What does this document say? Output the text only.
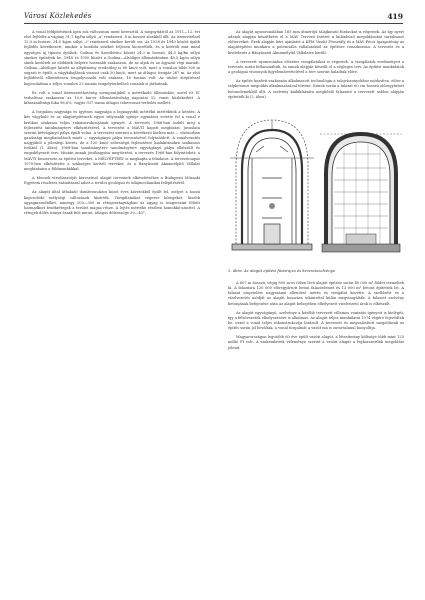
Városi Közlekedés	419

A vonal feldpítésének igen sok változáson ment keresztül. A megnyitástól az 1911—12. évi első fejlődés a vágány 31,7 kg/fm súlyú „a" rendszerű, 8 m hosszú sínekből állt. Az üzemvitelnél 12,0 m hosszú, 34,5 kg/m súlyú „i" rendszerű sínekre került sor. Az 1938 és 1940 között újabb fejlődés következett, amikor a korábbi síneket teljesen kicserélték, és a kitérők már mind egységes új típusra épültek. Godina és Szentlőrinc között 24,3 m hosszú, 44,5 kg/fm súlyú síneket építettek be. 1948 és 1950 között a Godina—Alsóliget állomásközben 48,5 kg/m súlyú sínek kerültek az előbbiek helyére hosszabb szakaszon, de az aljak és az ágyazat régi maradt. Godina—Alsóliget között az alépítmény eredetileg is 60 km/ó volt, mert a vonalon több 300 m sugarú ív épült, a vágykihajlások viszont csak 50 km/ó, mert az átlagos ívsugár 267 m. Az első fejlődéstől ellentétesen tengelyvonalú volt szakasz, 16 tonnás volt. Az utolsó átépítéssel kapcsolatban a teljes vonalon 23 tonnás tengelyterhelésű vonatok is járhatnak.

Ez volt a vonal üzemeztethetőség szempontjából a mértékadó állomásköz, mivel itt IV. terheléssz szakaszon az 10,6 km-es állomástávolság napontai 52 vonat közlekedett. A kihasználtsági foka 96,6%, vagyis 937 tonna átlagos tehervonat-terhelés mellett.

A forgalom nagysága és igyénes nagysága a legnagyobb mértékű mértékűek a kérdés: A kés vágyhaló és az alagútépítésnek egyre súlyosabb igénye egymásra vetette fel a vonal e kritikus szakasza teljes rekonstrukciójának igényét. A tervezés 1966-ban indult meg a fejlesztési tanulmányterv elkészítésével. A tervezést a MÁVTI kapott megbízást. Javaslata szerint kétvágányú pálya épült volna. A tervezést szerinti a következő körben már — elsősorban gazdasági megfontolások miatt — egyvágányú pálya tervezésével folytatódott. A vonalvezetés nagyjából a jelenlegi követi, de a 120 km/ó sebességű fejlesztésre kialakításokra szakaszos ívekkel (1. ábra). 1968-ban tanulmányterv tanulmányterv egyvágányú pálya elkészült és engedélyezett terv. Miután annak jóváhagyása megtörtént, a tervezés 1968-ban folytatódott: a MÁVTI beszerezte az építési terveket, a MÉLYÉPTERV is megkapta a feladatot. A tervezőcsapat 1970-ben elkészítette a szükséges kiviteli terveket, és a Bányászati Aknamélyítő Vállalat megbízására a földmunkákkal.

A Mecsek vízválasztóját keresztező alagút terveinek elkészítéséhez a Budapesti Műszaki Egyetem részletes számítással adott a terület geológiai és talajmechanikai felépítéséről.

Az alagút által áthaladó dombvonulatot közel éves kőzetekből épült fel, melyet a hozzá kapcsolódó mélységi változások kísérték. Vizsgálataikat végezve kötegeket, kisebb agyagmeredtéket, mintegy 200—300 m rétegvastagságban az agyag is tengerszint fölötti harmadkori fenékrétegek a terület magas része. A lejtés mértéke részben homokkő-szinttel. A rétegek dőlés iránya észak felé mutat, átlagos dőlésszöge 30—40°.

Az alagút nyomvonalában 165 mm átmérőjű talajkutató fúrásokat is végeztek. Az így nyert adatok alapján készíthette el a MÁV Tervező Intézet a különböző megoldásokat tartalmazó előterveket. Ezek alapján kért ajánlatot a KPM Vasúti Főosztály és a MÁV Pécsi Igazgatóság az alagútépítési munkára a potenciális vállalatoktól az építésre vonatkozóan. A tervezés és a kivitelezés a Bányászati Aknamélyítő Vállalatra került.

A tervezett nyomvonalon előzetes vizsgálatokat is végeztek. A vizsgálatok eredményeit a tervezés során felhasználták, és ennek alapján készült el a végleges terv. Az építési munkálatok a geológiai viszonyok figyelembevételével a terv szerint haladtak előre.

Az építés kezdeti szakaszán alkalmazott technológia a talajviszonyokhoz módosítva, előre a talpbetonos megoldás alkalmazásával történt. Ennek során a falazat 60 cm hosszú előregyártott betonelemekből állt. A szelvény kialakítására megfelelő falazatot a tervezett sablon alapján építették ki (2. ábra).

2. ábra. Az alagút építési fázisrajza és keresztszelvénye

A 607 m hosszú, végig 800 m-es ívben lévő alagút építése során 40 000 m³ földet termeltek ki. A falazásra 120 000 előregyártott beton falazóelemet és 13 000 m³ betont építettek be. A falazat szigetelést nagyszámú ellenőrző mérés és vizsgálat követte. A szellőzést és a vízelvezetés módját az alagút hosszára tekintettel külön megvizsgálták. A falazott szelvény betonjának befejezése után az alagút belsejében elhelyezett vízelvezető árok is elkészült.

Az alagút egyvágányú, szelvénye a később tervezett villamos vontatás igényeit is kielégíti, így a felsővezeték elhelyezésére is alkalmas. Az alagút teljes munkálatai 1974 végére fejeződtek be, ezzel a vonal teljes rekonstrukciója lezárult. A tervezett és megvalósított megoldások az építés során jól beváltak, a vonal forgalmát a vasút ma is zavartalanul bonyolítja.

Magyarországon legutóbb 60 éve épült vasúti alagút, a létesítmény költsége több mint 125 millió Ft volt. A szakemberek véleménye szerint a vasúti alagút a legkorszerűbb megoldást jelenti.
